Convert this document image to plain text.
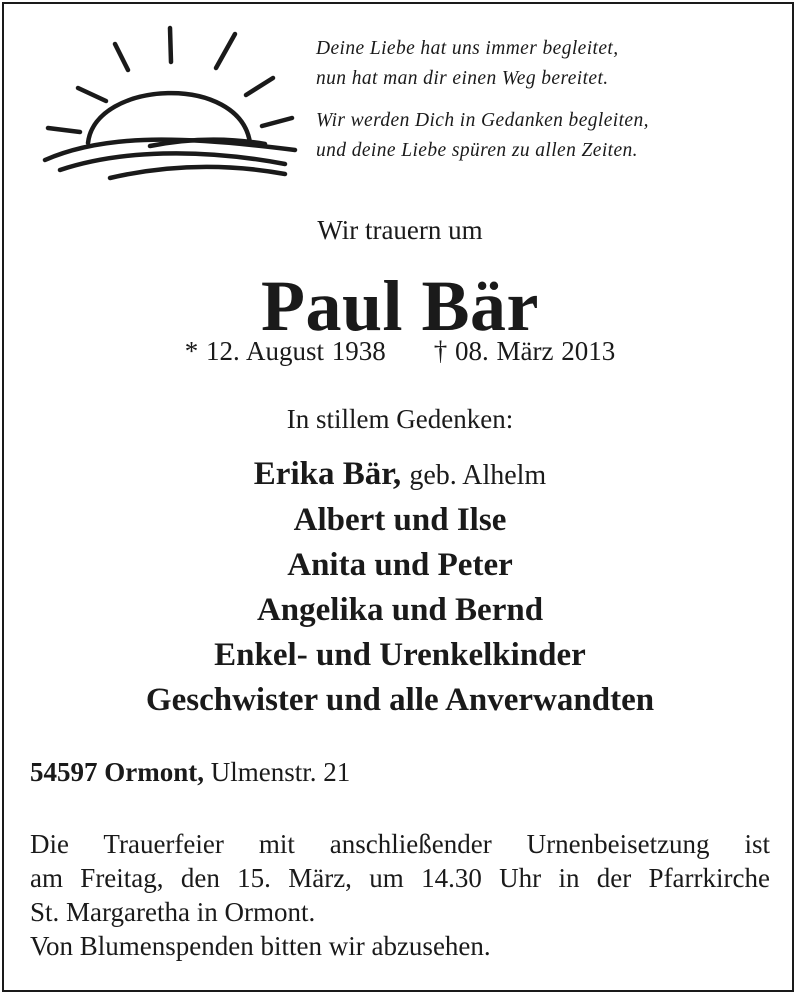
Deine Liebe hat uns immer begleitet,
nun hat man dir einen Weg bereitet.
Wir werden Dich in Gedanken begleiten,
und deine Liebe spüren zu allen Zeiten.
Wir trauern um
Paul Bär
* 12. August 1938 † 08. März 2013
In stillem Gedenken:
Erika Bär, geb. Alhelm
Albert und Ilse
Anita und Peter
Angelika und Bernd
Enkel- und Urenkelkinder
Geschwister und alle Anverwandten
54597 Ormont, Ulmenstr. 21
Die Trauerfeier mit anschließender Urnenbeisetzung ist
am Freitag, den 15. März, um 14.30 Uhr in der Pfarrkirche
St. Margaretha in Ormont.
Von Blumenspenden bitten wir abzusehen.
